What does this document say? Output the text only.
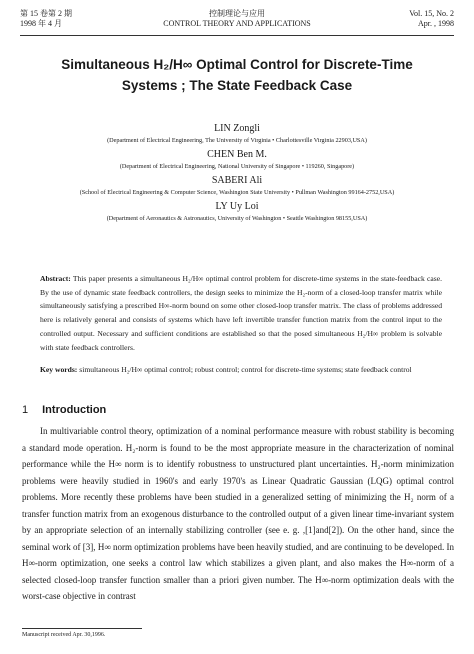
第 15 卷第 2 期
1998 年 4 月
控制理论与应用
CONTROL THEORY AND APPLICATIONS
Vol. 15, No. 2
Apr. , 1998
Simultaneous H₂/H∞ Optimal Control for Discrete-Time
Systems ; The State Feedback Case
LIN Zongli
(Department of Electrical Engineering, The University of Virginia • Charlottesville Virginia 22903,USA)
CHEN Ben M.
(Department of Electrical Engineering, National University of Singapore • 119260, Singapore)
SABERI Ali
(School of Electrical Engineering & Computer Science, Washington State University • Pullman Washington 99164-2752,USA)
LY Uy Loi
(Department of Aeronautics & Astronautics, University of Washington • Seattle Washington 98155,USA)
Abstract: This paper presents a simultaneous H₂/H∞ optimal control problem for discrete-time systems in the state-feedback case. By the use of dynamic state feedback controllers, the design seeks to minimize the H₂-norm of a closed-loop transfer matrix while simultaneously satisfying a prescribed H∞-norm bound on some other closed-loop transfer matrix. The class of problems addressed here is relatively general and consists of systems which have left invertible transfer function matrix from the control input to the controlled output. Necessary and sufficient conditions are established so that the posed simultaneous H₂/H∞ problem is solvable with state feedback controllers.
Key words: simultaneous H₂/H∞ optimal control; robust control; control for discrete-time systems; state feedback control
1 Introduction
In multivariable control theory, optimization of a nominal performance measure with robust stability is becoming a standard mode operation. H₂-norm is found to be the most appropriate measure in the characterization of nominal performance while the H∞ norm is to identify robustness to unstructured plant uncertainties. H₂-norm minimization problems were heavily studied in 1960's and early 1970's as Linear Quadratic Gaussian (LQG) optimal control problems. More recently these problems have been studied in a generalized setting of minimizing the H₂ norm of a transfer function matrix from an exogenous disturbance to the controlled output of a given linear time-invariant system by an appropriate selection of an internally stabilizing controller (see e. g. ,[1]and[2]). On the other hand, since the seminal work of [3], H∞ norm optimization problems have been heavily studied, and are continuing to be developed. In H∞-norm optimization, one seeks a control law which stabilizes a given plant, and also makes the H∞-norm of a selected closed-loop transfer function smaller than a priori given number. The H∞-norm optimization deals with the worst-case objective in contrast
Manuscript received Apr. 30,1996.
